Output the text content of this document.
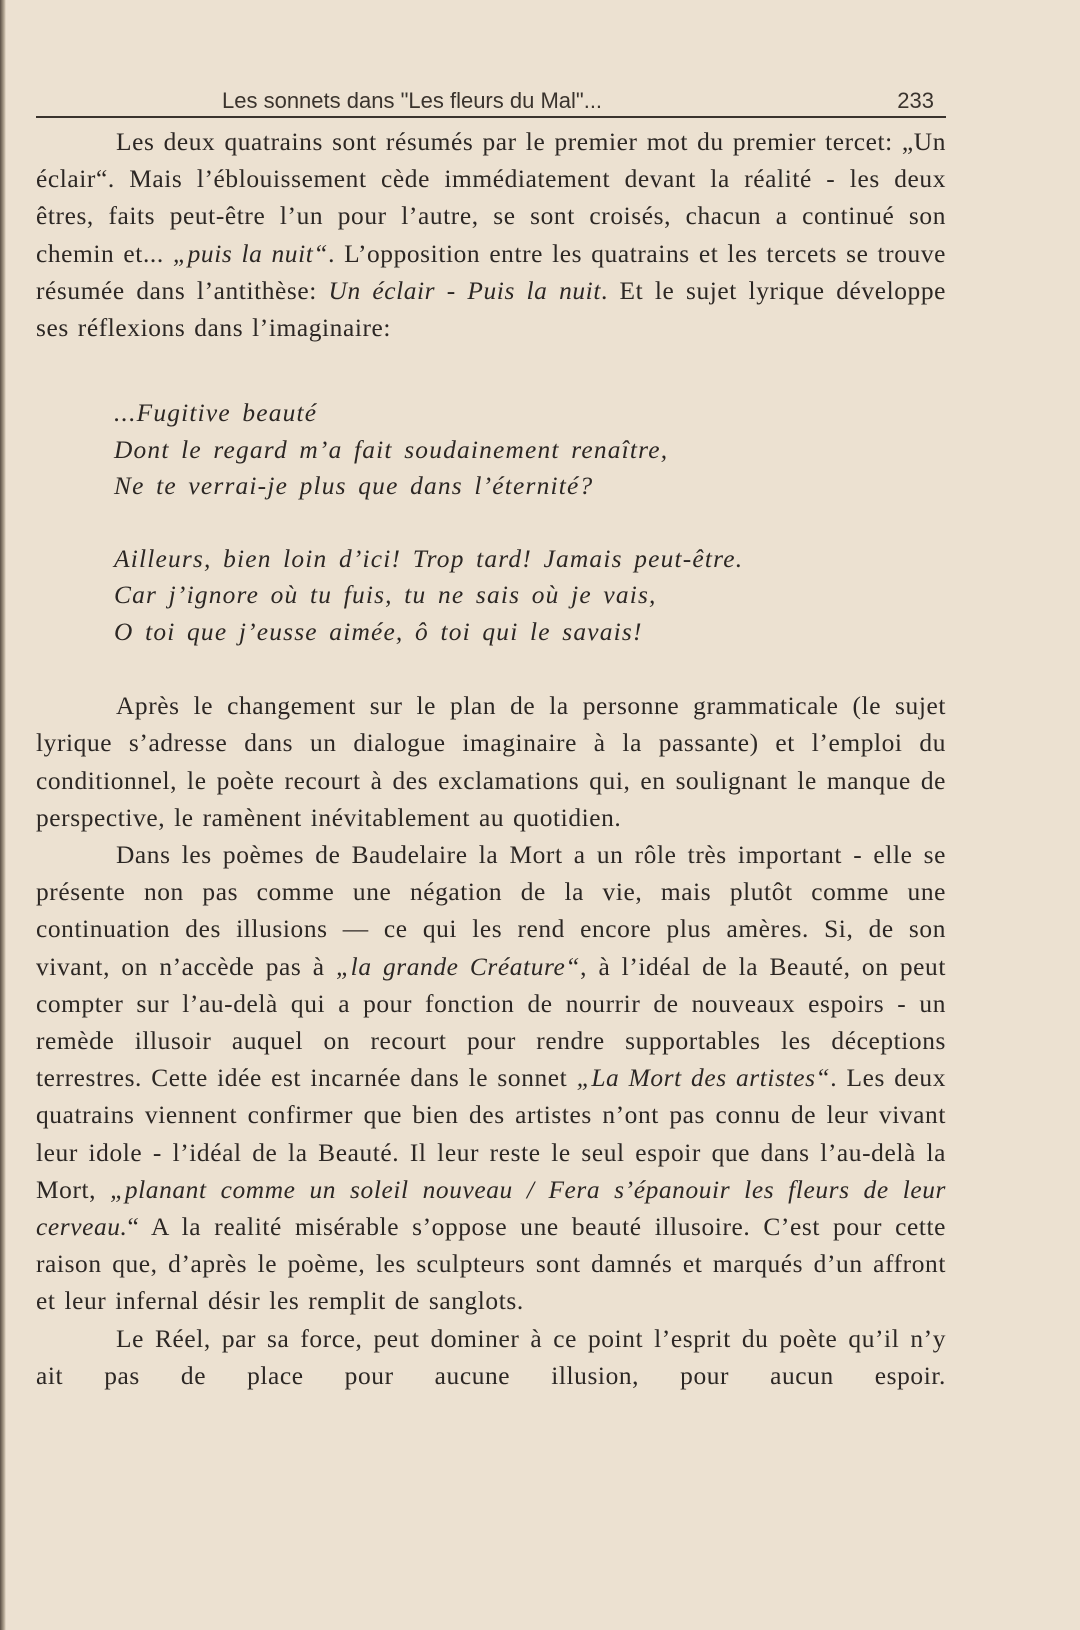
Les sonnets dans "Les fleurs du Mal"...	233

Les deux quatrains sont résumés par le premier mot du premier tercet: „Un éclair“. Mais l’éblouissement cède immédiatement devant la réalité - les deux êtres, faits peut-être l’un pour l’autre, se sont croisés, chacun a continué son chemin et... „puis la nuit“. L’opposition entre les quatrains et les tercets se trouve résumée dans l’antithèse: Un éclair - Puis la nuit. Et le sujet lyrique développe ses réflexions dans l’imaginaire:

...Fugitive beauté
Dont le regard m’a fait soudainement renaître,
Ne te verrai-je plus que dans l’éternité?
Ailleurs, bien loin d’ici! Trop tard! Jamais peut-être.
Car j’ignore où tu fuis, tu ne sais où je vais,
O toi que j’eusse aimée, ô toi qui le savais!

Après le changement sur le plan de la personne grammaticale (le sujet lyrique s’adresse dans un dialogue imaginaire à la passante) et l’emploi du conditionnel, le poète recourt à des exclamations qui, en soulignant le manque de perspective, le ramènent inévitablement au quotidien.

Dans les poèmes de Baudelaire la Mort a un rôle très important - elle se présente non pas comme une négation de la vie, mais plutôt comme une continuation des illusions — ce qui les rend encore plus amères. Si, de son vivant, on n’accède pas à „la grande Créature“, à l’idéal de la Beauté, on peut compter sur l’au-delà qui a pour fonction de nourrir de nouveaux espoirs - un remède illusoir auquel on recourt pour rendre supportables les déceptions terrestres. Cette idée est incarnée dans le sonnet „La Mort des artistes“. Les deux quatrains viennent confirmer que bien des artistes n’ont pas connu de leur vivant leur idole - l’idéal de la Beauté. Il leur reste le seul espoir que dans l’au-delà la Mort, „planant comme un soleil nouveau / Fera s’épanouir les fleurs de leur cerveau.“ A la realité misérable s’oppose une beauté illusoire. C’est pour cette raison que, d’après le poème, les sculpteurs sont damnés et marqués d’un affront et leur infernal désir les remplit de sanglots.

Le Réel, par sa force, peut dominer à ce point l’esprit du poète qu’il n’y ait pas de place pour aucune illusion, pour aucun espoir.
